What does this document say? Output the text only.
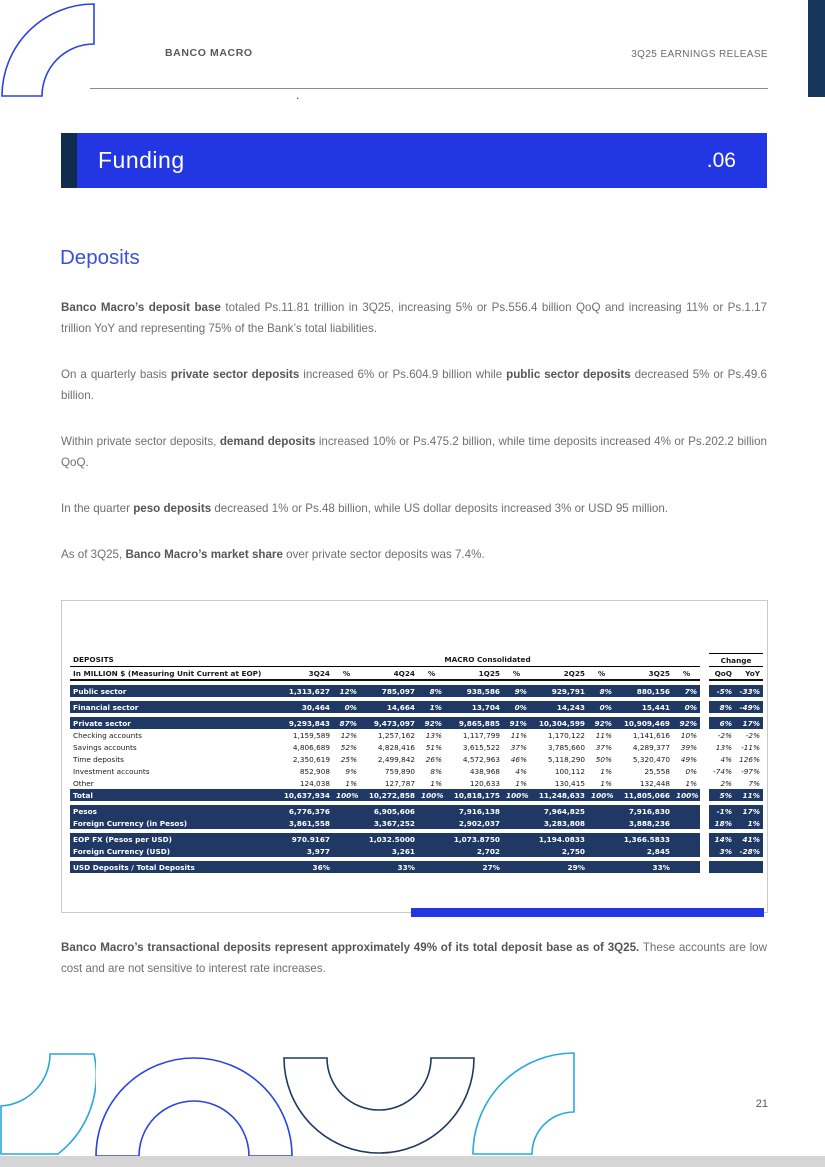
BANCO MACRO	3Q25 EARNINGS RELEASE
.
Funding	.06
Deposits

Banco Macro’s deposit base totaled Ps.11.81 trillion in 3Q25, increasing 5% or Ps.556.4 billion QoQ and increasing 11% or Ps.1.17 trillion YoY and representing 75% of the Bank’s total liabilities.

On a quarterly basis private sector deposits increased 6% or Ps.604.9 billion while public sector deposits decreased 5% or Ps.49.6 billion.

Within private sector deposits, demand deposits increased 10% or Ps.475.2 billion, while time deposits increased 4% or Ps.202.2 billion QoQ.

In the quarter peso deposits decreased 1% or Ps.48 billion, while US dollar deposits increased 3% or USD 95 million.

As of 3Q25, Banco Macro’s market share over private sector deposits was 7.4%.

DEPOSITS	MACRO Consolidated											Change	
In MILLION $ (Measuring Unit Current at EOP)	3Q24	%	4Q24	%	1Q25	%	2Q25	%	3Q25	%		QoQ	YoY

Public sector	1,313,627	12%	785,097	8%	938,586	9%	929,791	8%	880,156	7%		-5%	-33%

Financial sector	30,464	0%	14,664	1%	13,704	0%	14,243	0%	15,441	0%		8%	-49%

Private sector	9,293,843	87%	9,473,097	92%	9,865,885	91%	10,304,599	92%	10,909,469	92%		6%	17%
Checking accounts	1,159,589	12%	1,257,162	13%	1,117,799	11%	1,170,122	11%	1,141,616	10%		-2%	-2%
Savings accounts	4,806,689	52%	4,828,416	51%	3,615,522	37%	3,785,660	37%	4,289,377	39%		13%	-11%
Time deposits	2,350,619	25%	2,499,842	26%	4,572,963	46%	5,118,290	50%	5,320,470	49%		4%	126%
Investment accounts	852,908	9%	759,890	8%	438,968	4%	100,112	1%	25,558	0%		-74%	-97%
Other	124,038	1%	127,787	1%	120,633	1%	130,415	1%	132,448	1%		2%	7%
Total	10,637,934	100%	10,272,858	100%	10,818,175	100%	11,248,633	100%	11,805,066	100%		5%	11%

Pesos	6,776,376		6,905,606		7,916,138		7,964,825		7,916,830			-1%	17%
Foreign Currency (in Pesos)	3,861,558		3,367,252		2,902,037		3,283,808		3,888,236			18%	1%

EOP FX (Pesos per USD)	970.9167		1,032.5000		1,073.8750		1,194.0833		1,366.5833			14%	41%
Foreign Currency (USD)	3,977		3,261		2,702		2,750		2,845			3%	-28%

USD Deposits / Total Deposits	36%		33%		27%		29%		33%				

Banco Macro’s transactional deposits represent approximately 49% of its total deposit base as of 3Q25. These accounts are low cost and are not sensitive to interest rate increases.

21
